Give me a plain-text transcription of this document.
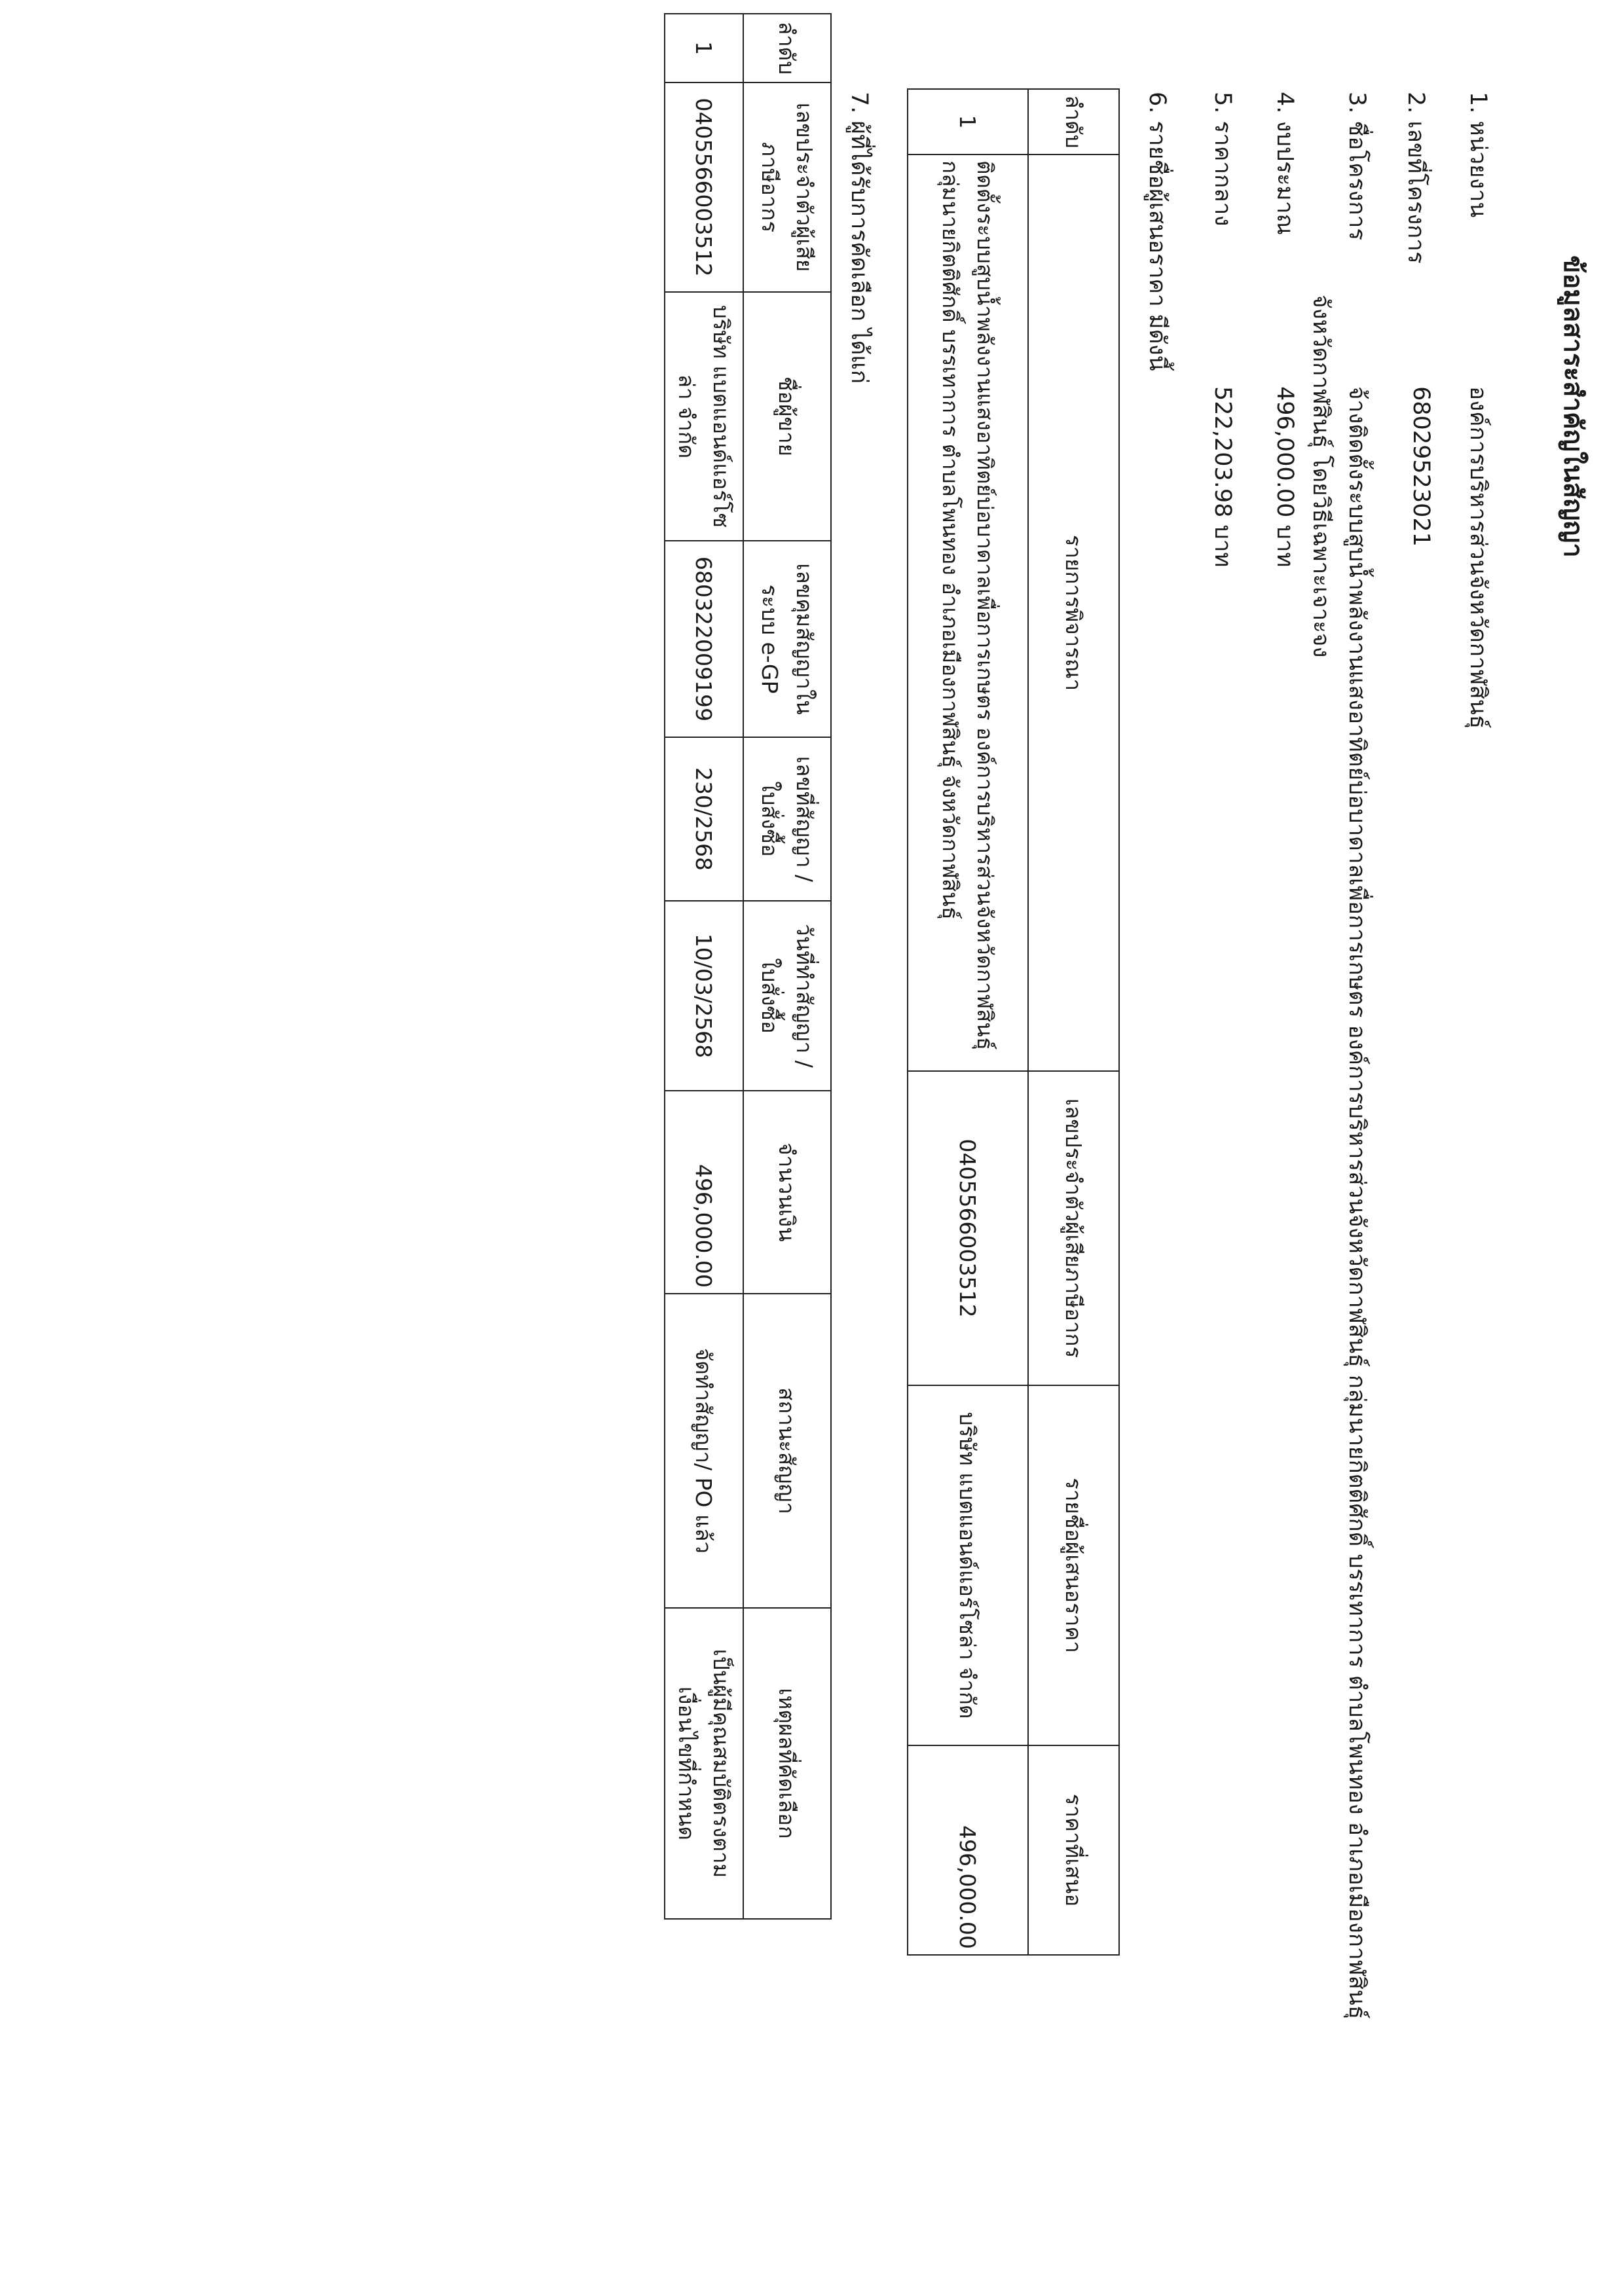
ข้อมูลสาระสำคัญในสัญญา
1. หน่วยงาน
องค์การบริหารส่วนจังหวัดกาฬสินธุ์
2. เลขที่โครงการ
68029523021
3. ชื่อโครงการ
จ้างติดตั้งระบบสูบน้ำพลังงานแสงอาทิตย์บ่อบาดาลเพื่อการเกษตร องค์การบริหารส่วนจังหวัดกาฬสินธุ์ กลุ่มนายกิตติศักดิ์ บรรเทาการ ตำบลโพนทอง อำเภอเมืองกาฬสินธุ์
จังหวัดกาฬสินธุ์ โดยวิธีเฉพาะเจาะจง
4. งบประมาณ
496,000.00 บาท
5. ราคากลาง
522,203.98 บาท
6. รายชื่อผู้เสนอราคา มีดังนี้
ลำดับ	รายการพิจารณา	เลขประจำตัวผู้เสียภาษีอากร	รายชื่อผู้เสนอราคา	ราคาที่เสนอ
1	ติดตั้งระบบสูบน้ำพลังงานแสงอาทิตย์บ่อบาดาลเพื่อการเกษตร องค์การบริหารส่วนจังหวัดกาฬสินธุ์ กลุ่มนายกิตติศักดิ์ บรรเทาการ ตำบลโพนทอง อำเภอเมืองกาฬสินธุ์ จังหวัดกาฬสินธุ์	0405566003512	บริษัท แบตแอนด์แอร์โซล่า จำกัด	496,000.00
7. ผู้ที่ได้รับการคัดเลือก ได้แก่
ลำดับ	เลขประจำตัวผู้เสียภาษีอากร	ชื่อผู้ขาย	เลขคุมสัญญาในระบบ e-GP	เลขที่สัญญา / ใบสั่งซื้อ	วันที่ทำสัญญา / ใบสั่งซื้อ	จำนวนเงิน	สถานะสัญญา	เหตุผลที่คัดเลือก
1	0405566003512	บริษัท แบตแอนด์แอร์โซล่า จำกัด	680322009199	230/2568	10/03/2568	496,000.00	จัดทำสัญญา/ PO แล้ว	เป็นผู้มีคุณสมบัติตรงตามเงื่อนไขที่กำหนด
